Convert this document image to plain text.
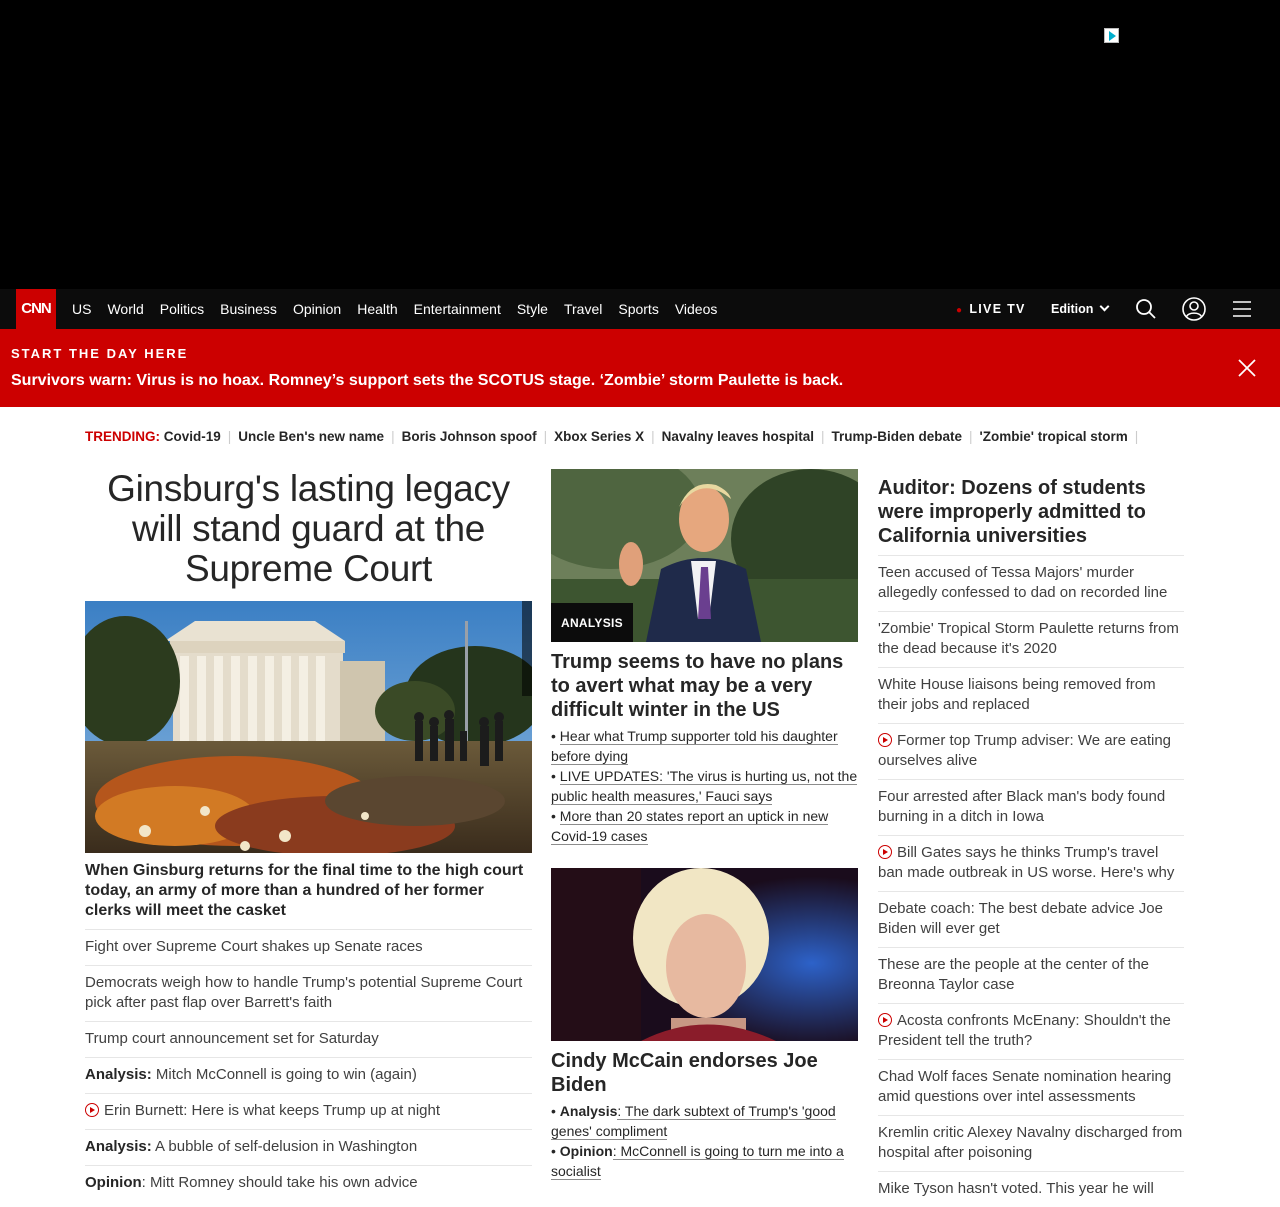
CNN	US World Politics Business Opinion Health Entertainment Style Travel Sports Videos	● LIVE TV Edition
START THE DAY HERE
Survivors warn: Virus is no hoax. Romney’s support sets the SCOTUS stage. ‘Zombie’ storm Paulette is back.
TRENDING: Covid-19 | Uncle Ben's new name | Boris Johnson spoof | Xbox Series X | Navalny leaves hospital | Trump-Biden debate | 'Zombie' tropical storm |
Ginsburg's lasting legacy will stand guard at the Supreme Court
When Ginsburg returns for the final time to the high court today, an army of more than a hundred of her former clerks will meet the casket
Fight over Supreme Court shakes up Senate races
Democrats weigh how to handle Trump's potential Supreme Court pick after past flap over Barrett's faith
Trump court announcement set for Saturday
Analysis: Mitch McConnell is going to win (again)
Erin Burnett: Here is what keeps Trump up at night
Analysis: A bubble of self-delusion in Washington
Opinion: Mitt Romney should take his own advice
ANALYSIS
Trump seems to have no plans to avert what may be a very difficult winter in the US
• Hear what Trump supporter told his daughter before dying
• LIVE UPDATES: 'The virus is hurting us, not the public health measures,' Fauci says
• More than 20 states report an uptick in new Covid-19 cases
Cindy McCain endorses Joe Biden
• Analysis: The dark subtext of Trump's 'good genes' compliment
• Opinion: McConnell is going to turn me into a socialist
Auditor: Dozens of students were improperly admitted to California universities
Teen accused of Tessa Majors' murder allegedly confessed to dad on recorded line
'Zombie' Tropical Storm Paulette returns from the dead because it's 2020
White House liaisons being removed from their jobs and replaced
Former top Trump adviser: We are eating ourselves alive
Four arrested after Black man's body found burning in a ditch in Iowa
Bill Gates says he thinks Trump's travel ban made outbreak in US worse. Here's why
Debate coach: The best debate advice Joe Biden will ever get
These are the people at the center of the Breonna Taylor case
Acosta confronts McEnany: Shouldn't the President tell the truth?
Chad Wolf faces Senate nomination hearing amid questions over intel assessments
Kremlin critic Alexey Navalny discharged from hospital after poisoning
Mike Tyson hasn't voted. This year he will
